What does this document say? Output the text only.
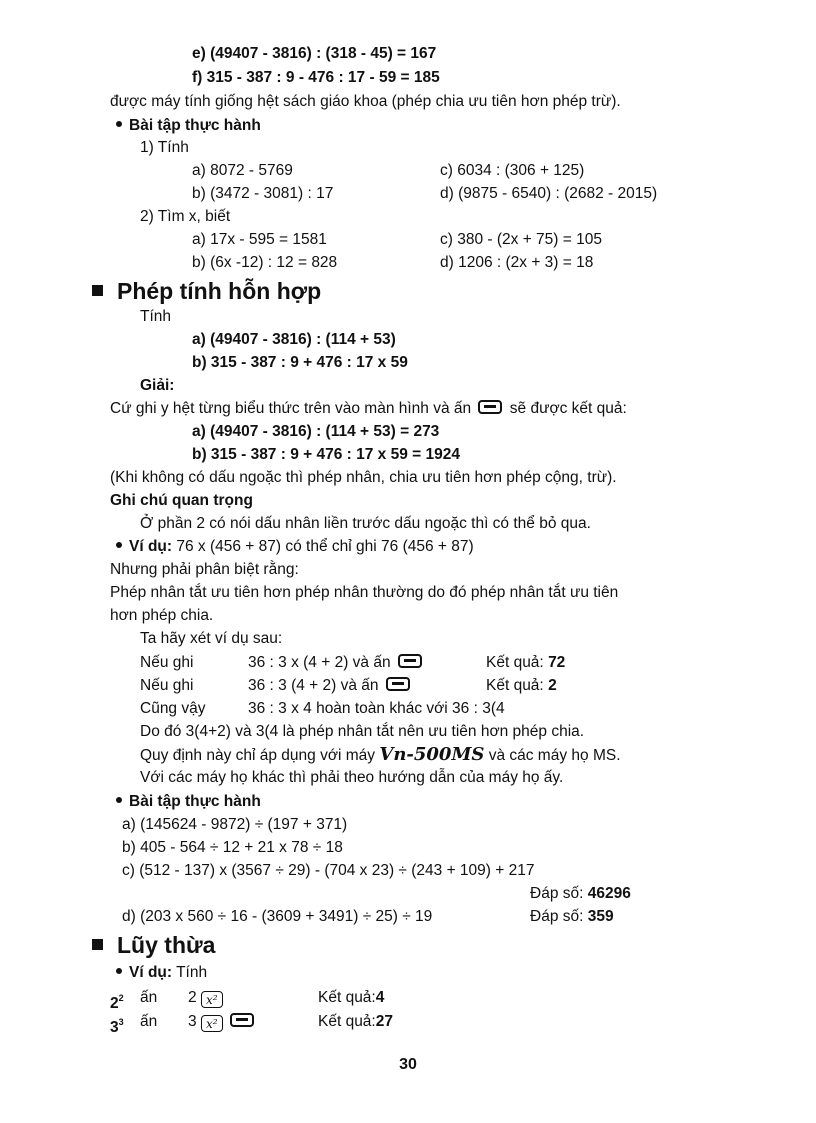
e) (49407 - 3816) : (318 - 45) = 167
f) 315 - 387 : 9 - 476 : 17 - 59 = 185
được máy tính giống hệt sách giáo khoa (phép chia ưu tiên hơn phép trừ).
Bài tập thực hành
1) Tính
a) 8072 - 5769	c) 6034 : (306 + 125)
b) (3472 - 3081) : 17	d) (9875 - 6540) : (2682 - 2015)
2) Tìm x, biết
a) 17x - 595 = 1581	c) 380 - (2x + 75) = 105
b) (6x -12) : 12 = 828	d) 1206 : (2x + 3) = 18
Phép tính hỗn hợp
Tính
a) (49407 - 3816) : (114 + 53)
b) 315 - 387 : 9 + 476 : 17 x 59
Giải:
Cứ ghi y hệt từng biểu thức trên vào màn hình và ấn sẽ được kết quả:
a) (49407 - 3816) : (114 + 53) = 273
b) 315 - 387 : 9 + 476 : 17 x 59 = 1924
(Khi không có dấu ngoặc thì phép nhân, chia ưu tiên hơn phép cộng, trừ).
Ghi chú quan trọng
Ở phần 2 có nói dấu nhân liền trước dấu ngoặc thì có thể bỏ qua.
Ví dụ: 76 x (456 + 87) có thể chỉ ghi 76 (456 + 87)
Nhưng phải phân biệt rằng:
Phép nhân tắt ưu tiên hơn phép nhân thường do đó phép nhân tắt ưu tiên
hơn phép chia.
Ta hãy xét ví dụ sau:
Nếu ghi	36 : 3 x (4 + 2) và ấn	Kết quả: 72
Nếu ghi	36 : 3 (4 + 2) và ấn	Kết quả: 2
Cũng vậy	36 : 3 x 4 hoàn toàn khác với 36 : 3(4
Do đó 3(4+2) và 3(4 là phép nhân tắt nên ưu tiên hơn phép chia.
Quy định này chỉ áp dụng với máy Vn-500MS và các máy họ MS.
Với các máy họ khác thì phải theo hướng dẫn của máy họ ấy.
Bài tập thực hành
a) (145624 - 9872) ÷ (197 + 371)
b) 405 - 564 ÷ 12 + 21 x 78 ÷ 18
c) (512 - 137) x (3567 ÷ 29) - (704 x 23) ÷ (243 + 109) + 217
Đáp số: 46296
d) (203 x 560 ÷ 16 - (3609 + 3491) ÷ 25) ÷ 19	Đáp số: 359
Lũy thừa
Ví dụ: Tính
$2^2$ ấn 2 x²	Kết quả:4
$3^3$ ấn 3 x²	Kết quả:27
30
